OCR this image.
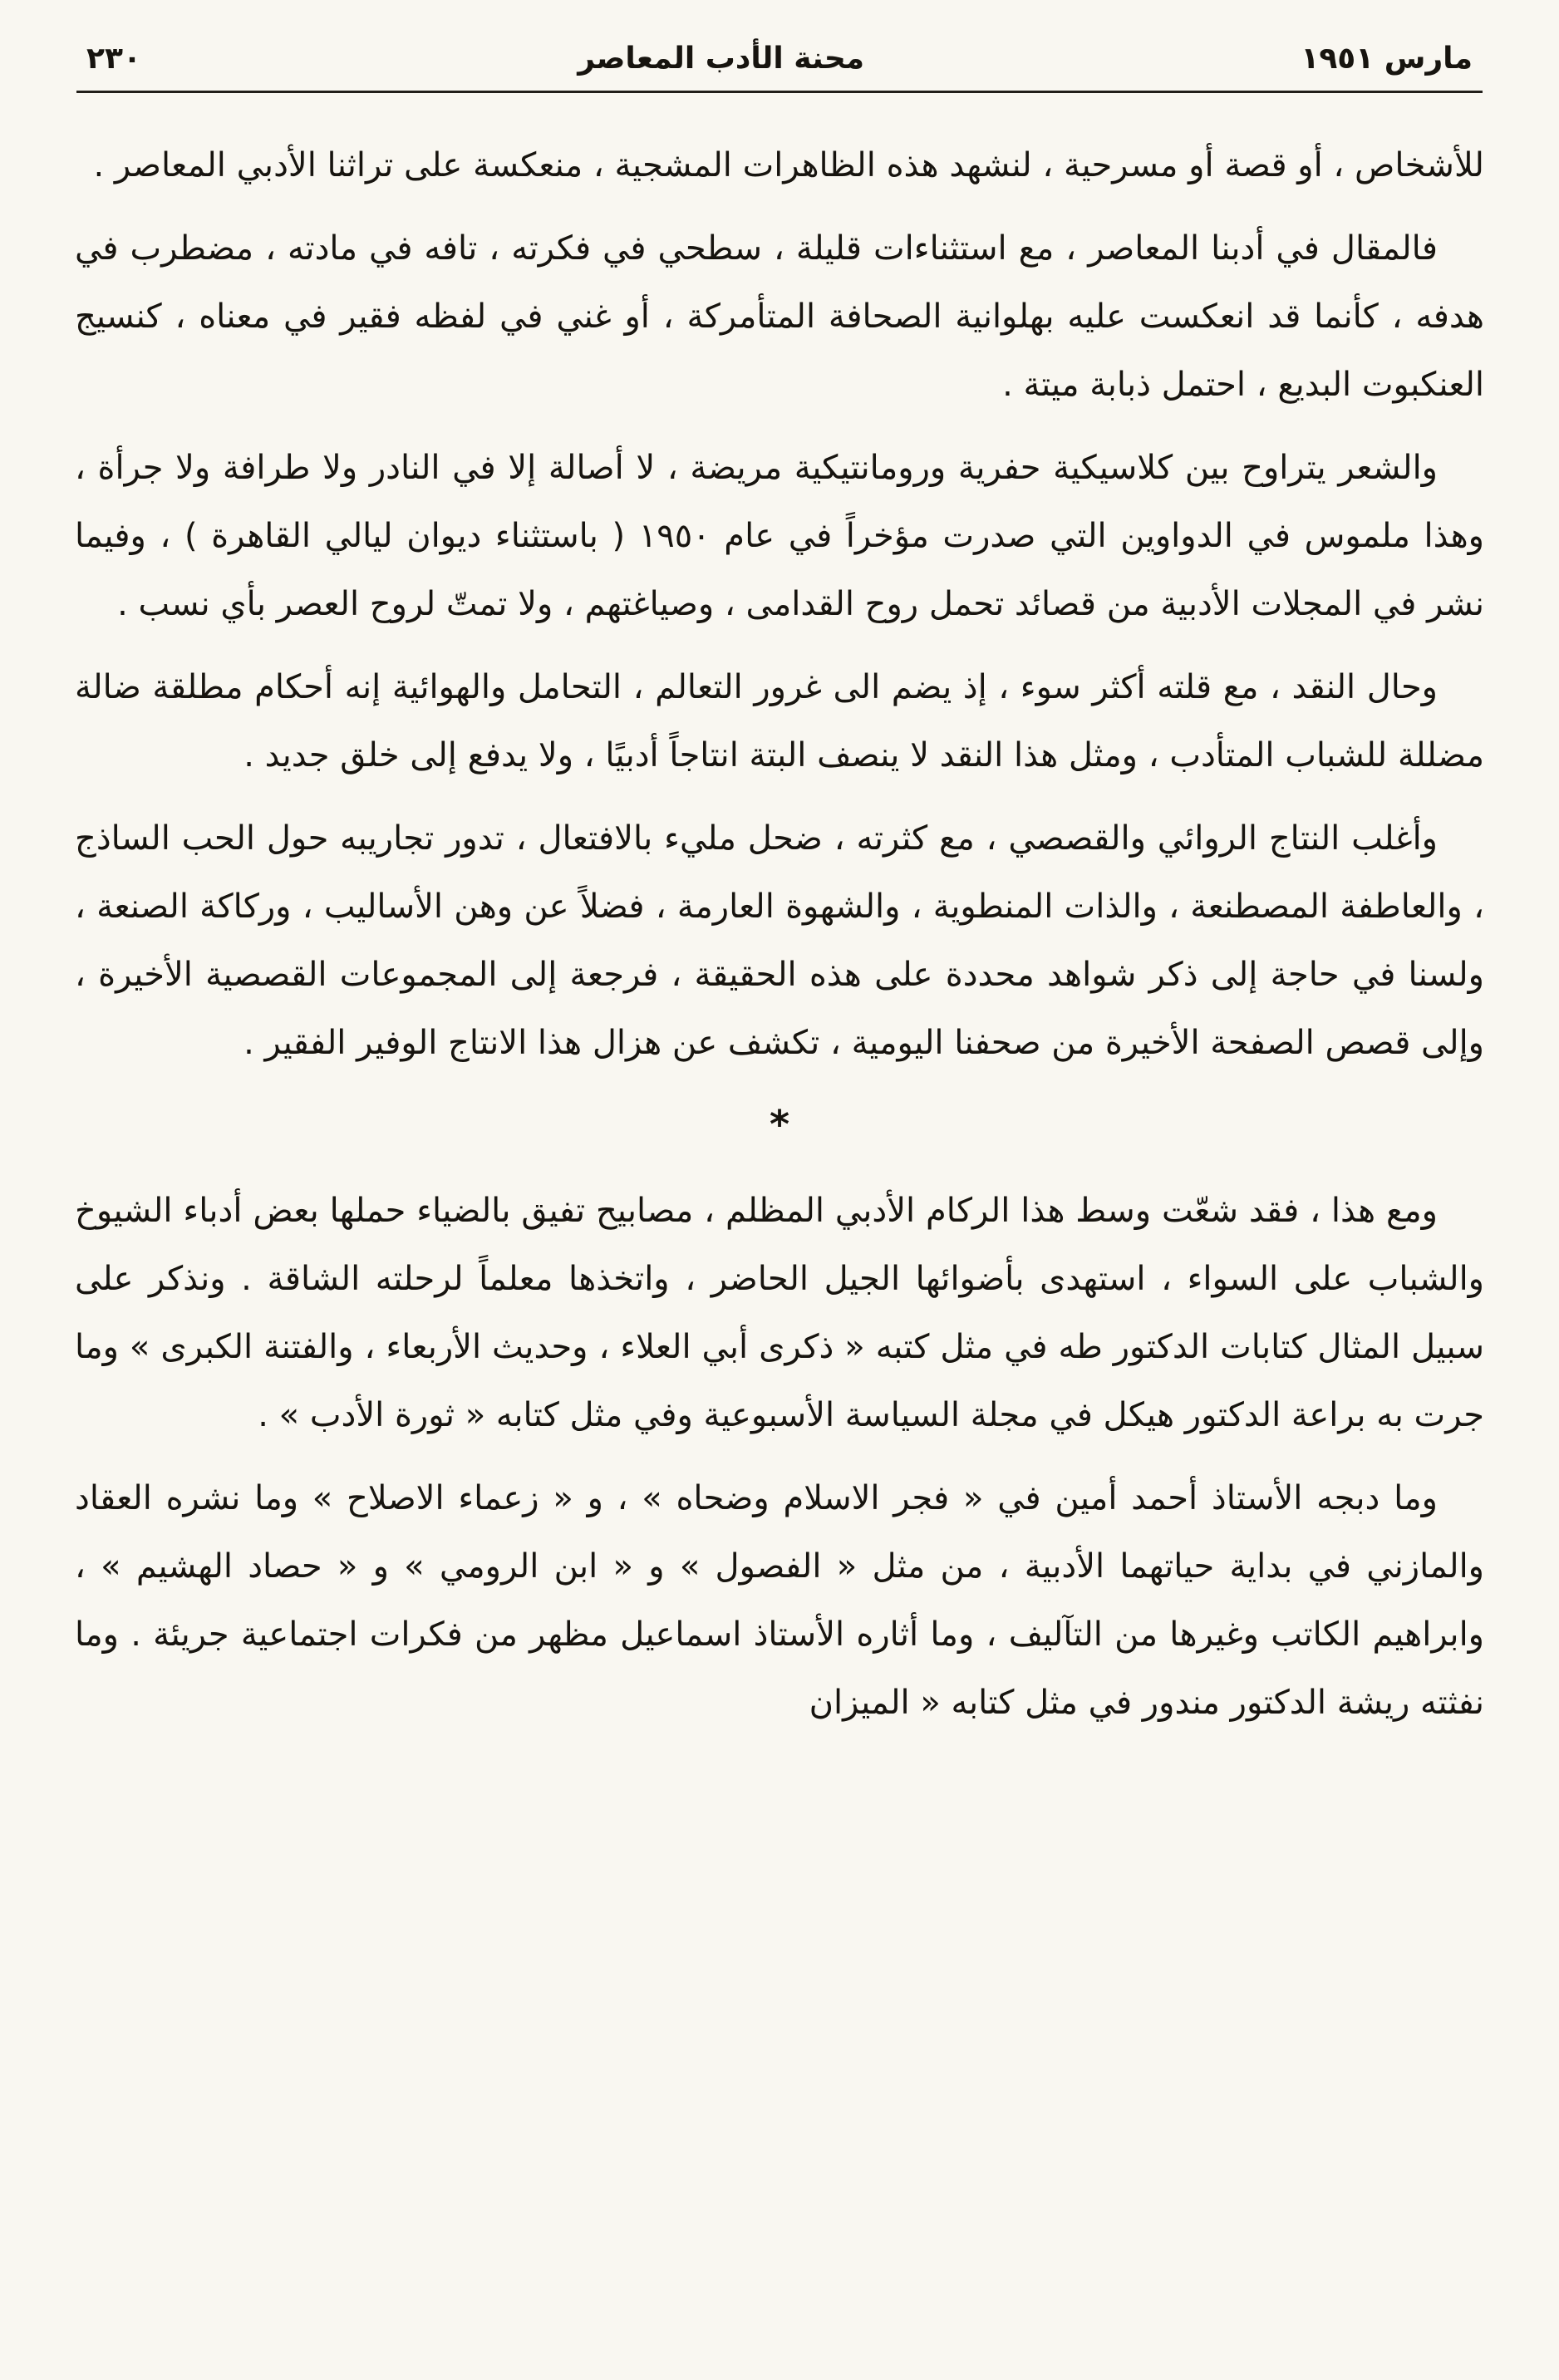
مارس ١٩٥١
محنة الأدب المعاصر
٢٣٠

للأشخاص ، أو قصة أو مسرحية ، لنشهد هذه الظاهرات المشجية ، منعكسة على تراثنا الأدبي المعاصر .

فالمقال في أدبنا المعاصر ، مع استثناءات قليلة ، سطحي في فكرته ، تافه في مادته ، مضطرب في هدفه ، كأنما قد انعكست عليه بهلوانية الصحافة المتأمركة ، أو غني في لفظه فقير في معناه ، كنسيج العنكبوت البديع ، احتمل ذبابة ميتة .

والشعر يتراوح بين كلاسيكية حفرية ورومانتيكية مريضة ، لا أصالة إلا في النادر ولا طرافة ولا جرأة ، وهذا ملموس في الدواوين التي صدرت مؤخراً في عام ١٩٥٠ ( باستثناء ديوان ليالي القاهرة ) ، وفيما نشر في المجلات الأدبية من قصائد تحمل روح القدامى ، وصياغتهم ، ولا تمتّ لروح العصر بأي نسب .

وحال النقد ، مع قلته أكثر سوء ، إذ يضم الى غرور التعالم ، التحامل والهوائية إنه أحكام مطلقة ضالة مضللة للشباب المتأدب ، ومثل هذا النقد لا ينصف البتة انتاجاً أدبيًا ، ولا يدفع إلى خلق جديد .

وأغلب النتاج الروائي والقصصي ، مع كثرته ، ضحل مليء بالافتعال ، تدور تجاريبه حول الحب الساذج ، والعاطفة المصطنعة ، والذات المنطوية ، والشهوة العارمة ، فضلاً عن وهن الأساليب ، وركاكة الصنعة ، ولسنا في حاجة إلى ذكر شواهد محددة على هذه الحقيقة ، فرجعة إلى المجموعات القصصية الأخيرة ، وإلى قصص الصفحة الأخيرة من صحفنا اليومية ، تكشف عن هزال هذا الانتاج الوفير الفقير .

*

ومع هذا ، فقد شعّت وسط هذا الركام الأدبي المظلم ، مصابيح تفيق بالضياء حملها بعض أدباء الشيوخ والشباب على السواء ، استهدى بأضوائها الجيل الحاضر ، واتخذها معلماً لرحلته الشاقة . ونذكر على سبيل المثال كتابات الدكتور طه في مثل كتبه « ذكرى أبي العلاء ، وحديث الأربعاء ، والفتنة الكبرى » وما جرت به براعة الدكتور هيكل في مجلة السياسة الأسبوعية وفي مثل كتابه « ثورة الأدب » .

وما دبجه الأستاذ أحمد أمين في « فجر الاسلام وضحاه » ، و « زعماء الاصلاح » وما نشره العقاد والمازني في بداية حياتهما الأدبية ، من مثل « الفصول » و « ابن الرومي » و « حصاد الهشيم » ، وابراهيم الكاتب وغيرها من التآليف ، وما أثاره الأستاذ اسماعيل مظهر من فكرات اجتماعية جريئة . وما نفثته ريشة الدكتور مندور في مثل كتابه « الميزان
